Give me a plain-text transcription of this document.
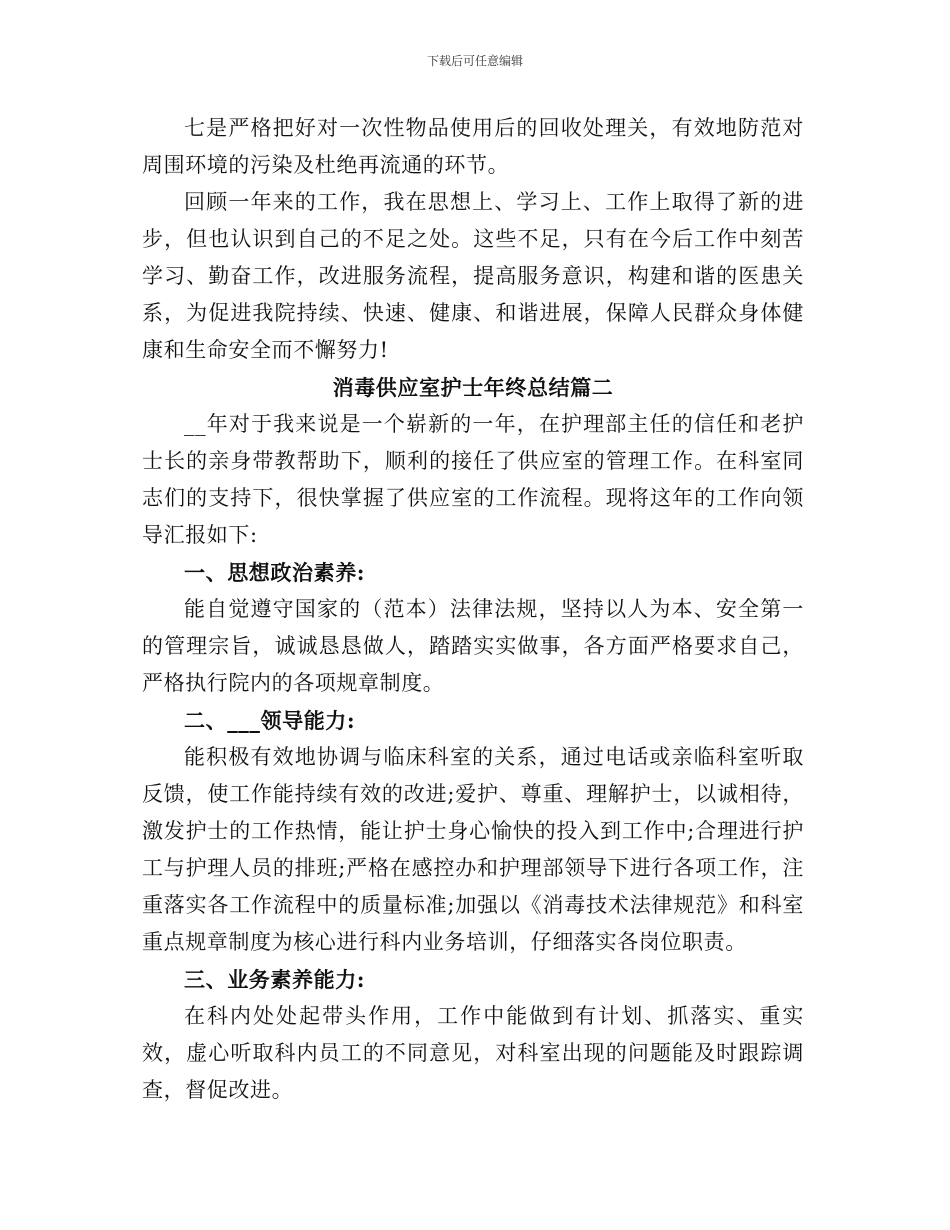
下载后可任意编辑

七是严格把好对一次性物品使用后的回收处理关，有效地防范对周围环境的污染及杜绝再流通的环节。

回顾一年来的工作，我在思想上、学习上、工作上取得了新的进步，但也认识到自己的不足之处。这些不足，只有在今后工作中刻苦学习、勤奋工作，改进服务流程，提高服务意识，构建和谐的医患关系，为促进我院持续、快速、健康、和谐进展，保障人民群众身体健康和生命安全而不懈努力!

消毒供应室护士年终总结篇二

__年对于我来说是一个崭新的一年，在护理部主任的信任和老护士长的亲身带教帮助下，顺利的接任了供应室的管理工作。在科室同志们的支持下，很快掌握了供应室的工作流程。现将这年的工作向领导汇报如下:

一、思想政治素养:

能自觉遵守国家的（范本）法律法规，坚持以人为本、安全第一的管理宗旨，诚诚恳恳做人，踏踏实实做事，各方面严格要求自己，严格执行院内的各项规章制度。

二、___领导能力:

能积极有效地协调与临床科室的关系，通过电话或亲临科室听取反馈，使工作能持续有效的改进;爱护、尊重、理解护士，以诚相待，激发护士的工作热情，能让护士身心愉快的投入到工作中;合理进行护工与护理人员的排班;严格在感控办和护理部领导下进行各项工作，注重落实各工作流程中的质量标准;加强以《消毒技术法律规范》和科室重点规章制度为核心进行科内业务培训，仔细落实各岗位职责。

三、业务素养能力:

在科内处处起带头作用，工作中能做到有计划、抓落实、重实效，虚心听取科内员工的不同意见，对科室出现的问题能及时跟踪调查，督促改进。
